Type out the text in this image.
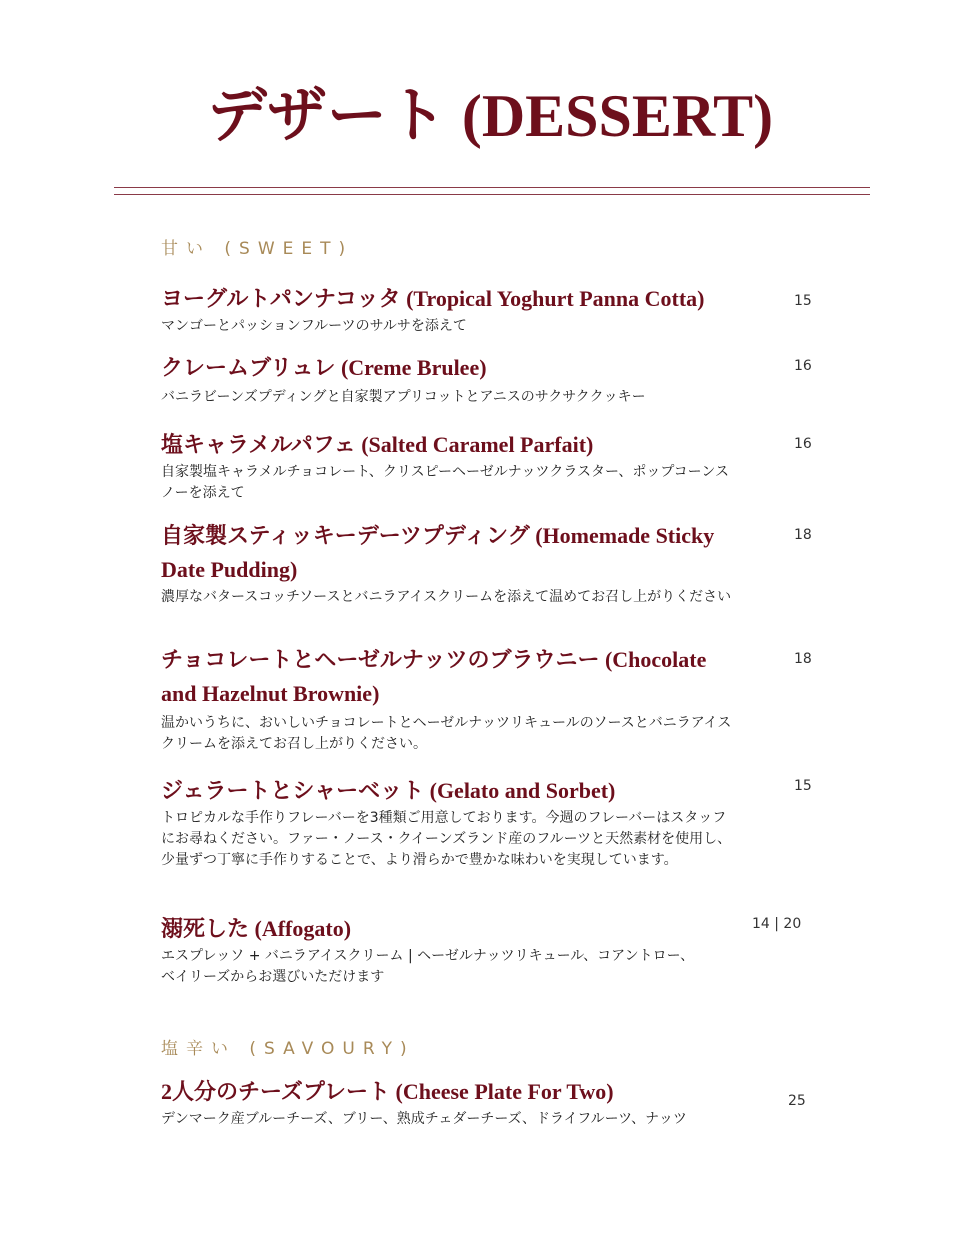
デザート (DESSERT)
甘い (SWEET)

ヨーグルトパンナコッタ (Tropical Yoghurt Panna Cotta)

マンゴーとパッションフルーツのサルサを添えて

15

クレームブリュレ (Creme Brulee)

バニラビーンズプディングと自家製アプリコットとアニスのサクサククッキー

16

塩キャラメルパフェ (Salted Caramel Parfait)

自家製塩キャラメルチョコレート、クリスピーヘーゼルナッツクラスター、ポップコーンスノーを添えて

16

自家製スティッキーデーツプディング (Homemade Sticky Date Pudding)

濃厚なバタースコッチソースとバニラアイスクリームを添えて温めてお召し上がりください

18

チョコレートとヘーゼルナッツのブラウニー (Chocolate and Hazelnut Brownie)

温かいうちに、おいしいチョコレートとヘーゼルナッツリキュールのソースとバニラアイスクリームを添えてお召し上がりください。

18

ジェラートとシャーベット (Gelato and Sorbet)

トロピカルな手作りフレーバーを3種類ご用意しております。今週のフレーバーはスタッフにお尋ねください。ファー・ノース・クイーンズランド産のフルーツと天然素材を使用し、少量ずつ丁寧に手作りすることで、より滑らかで豊かな味わいを実現しています。

15

溺死した (Affogato)

エスプレッソ + バニラアイスクリーム | ヘーゼルナッツリキュール、コアントロー、ベイリーズからお選びいただけます

14 | 20
塩辛い (SAVOURY)

2人分のチーズプレート (Cheese Plate For Two)

デンマーク産ブルーチーズ、ブリー、熟成チェダーチーズ、ドライフルーツ、ナッツ

25
